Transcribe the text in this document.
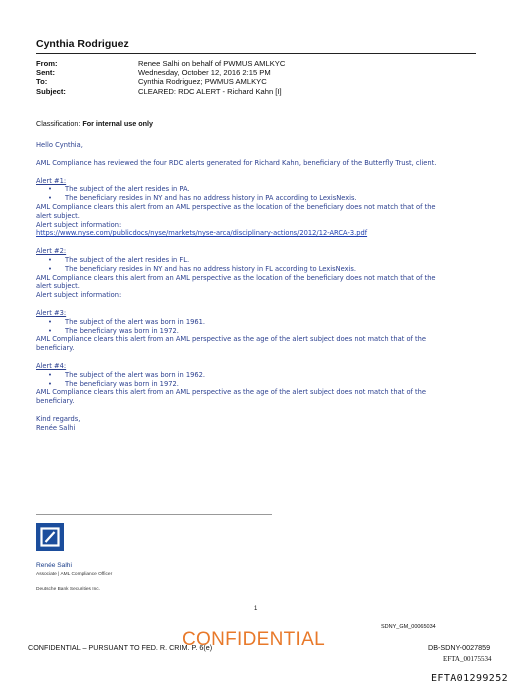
Cynthia Rodriguez
From:	Renee Salhi on behalf of PWMUS AMLKYC
Sent:	Wednesday, October 12, 2016 2:15 PM
To:	Cynthia Rodriguez; PWMUS AMLKYC
Subject:	CLEARED: RDC ALERT - Richard Kahn [I]
Classification: For internal use only

Hello Cynthia,

AML Compliance has reviewed the four RDC alerts generated for Richard Kahn, beneficiary of the Butterfly Trust, client.

Alert #1:

•	The subject of the alert resides in PA.
•	The beneficiary resides in NY and has no address history in PA according to LexisNexis.

AML Compliance clears this alert from an AML perspective as the location of the beneficiary does not match that of the

alert subject.

Alert subject information:

https://www.nyse.com/publicdocs/nyse/markets/nyse-arca/disciplinary-actions/2012/12-ARCA-3.pdf

Alert #2:

•	The subject of the alert resides in FL.
•	The beneficiary resides in NY and has no address history in FL according to LexisNexis.

AML Compliance clears this alert from an AML perspective as the location of the beneficiary does not match that of the

alert subject.

Alert subject information:

Alert #3:

•	The subject of the alert was born in 1961.
•	The beneficiary was born in 1972.

AML Compliance clears this alert from an AML perspective as the age of the alert subject does not match that of the

beneficiary.

Alert #4:

•	The subject of the alert was born in 1962.
•	The beneficiary was born in 1972.

AML Compliance clears this alert from an AML perspective as the age of the alert subject does not match that of the

beneficiary.

Kind regards,

Renée Salhi

Renée Salhi
Associate | AML Compliance Officer
Deutsche Bank Securities Inc.
1
SDNY_GM_00065034
CONFIDENTIAL – PURSUANT TO FED. R. CRIM. P. 6(e)
CONFIDENTIAL	DB-SDNY-0027859
EFTA_00175534
EFTA01299252
